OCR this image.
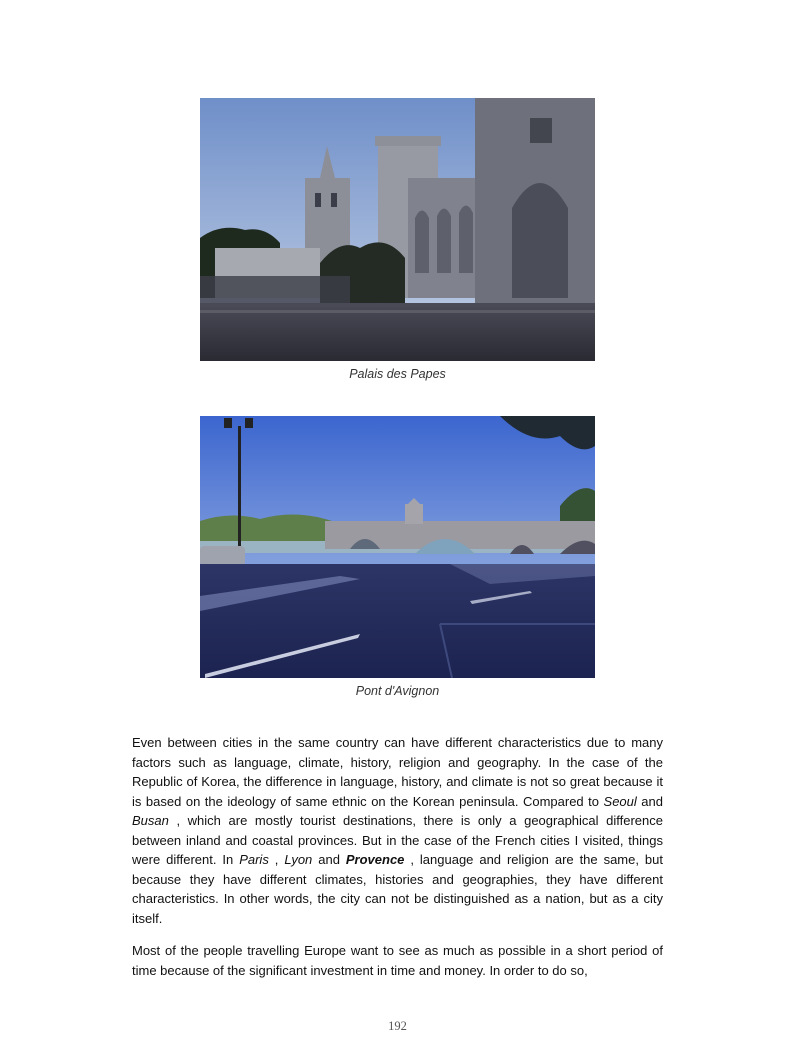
Palais des Papes
Pont d'Avignon

Even between cities in the same country can have different characteristics due to many factors such as language, climate, history, religion and geography. In the case of the Republic of Korea, the difference in language, history, and climate is not so great because it is based on the ideology of same ethnic on the Korean peninsula. Compared to Seoul and Busan , which are mostly tourist destinations, there is only a geographical difference between inland and coastal provinces. But in the case of the French cities I visited, things were different. In Paris , Lyon and Provence , language and religion are the same, but because they have different climates, histories and geographies, they have different characteristics. In other words, the city can not be distinguished as a nation, but as a city itself.

Most of the people travelling Europe want to see as much as possible in a short period of time because of the significant investment in time and money. In order to do so,

192
